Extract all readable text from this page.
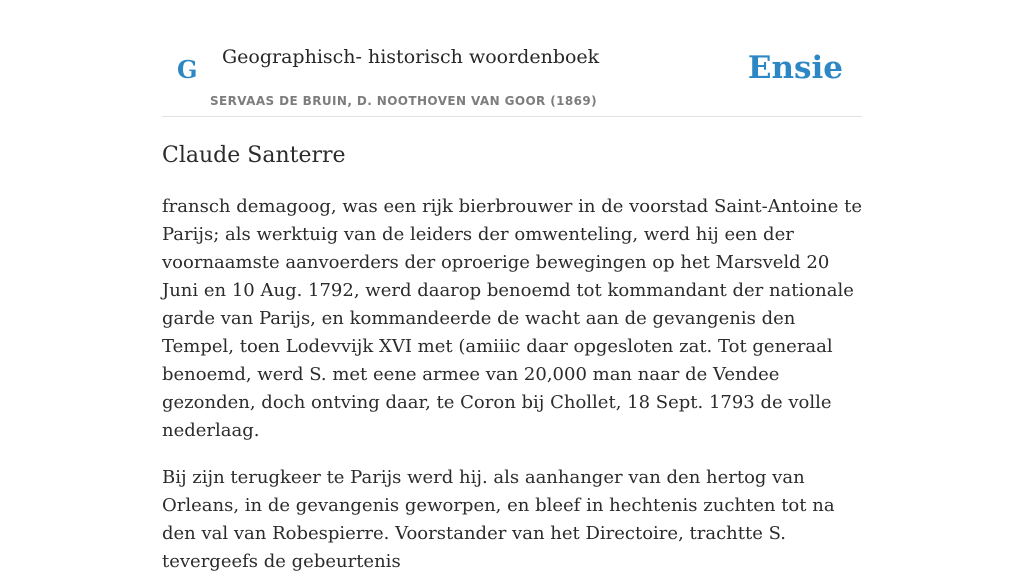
G Geographisch- historisch woordenboek
SERVAAS DE BRUIN, D. NOOTHOVEN VAN GOOR (1869)
Ensie
Claude Santerre

fransch demagoog, was een rijk bierbrouwer in de voorstad Saint-Antoine te Parijs; als werktuig van de leiders der omwenteling, werd hij een der voornaamste aanvoerders der oproerige bewegingen op het Marsveld 20 Juni en 10 Aug. 1792, werd daarop benoemd tot kommandant der nationale garde van Parijs, en kommandeerde de wacht aan de gevangenis den Tempel, toen Lodevvijk XVI met (amiiic daar opgesloten zat. Tot generaal benoemd, werd S. met eene armee van 20,000 man naar de Vendee gezonden, doch ontving daar, te Coron bij Chollet, 18 Sept. 1793 de volle nederlaag.

Bij zijn terugkeer te Parijs werd hij. als aanhanger van den hertog van Orleans, in de gevangenis geworpen, en bleef in hechtenis zuchten tot na den val van Robespierre. Voorstander van het Directoire, trachtte S. tevergeefs de gebeurtenis
